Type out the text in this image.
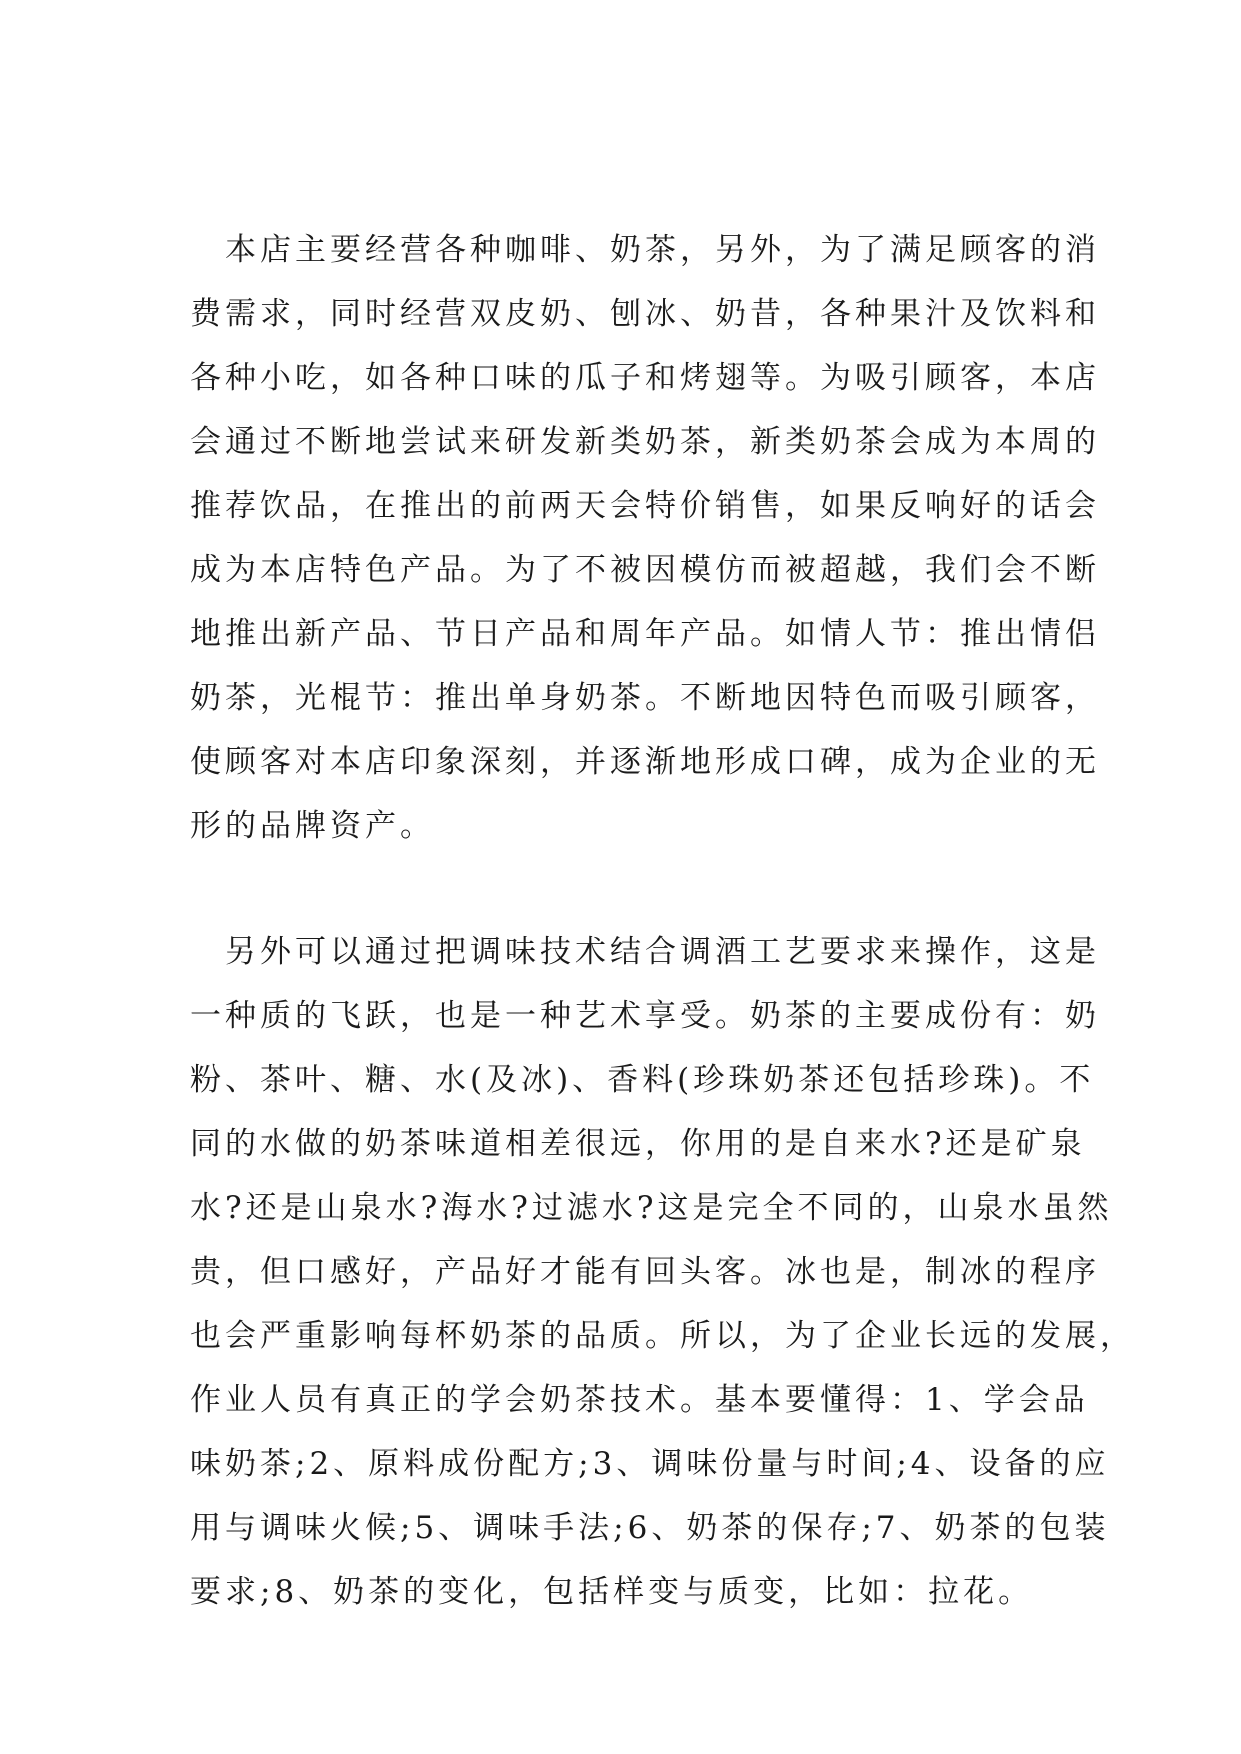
　本店主要经营各种咖啡、奶茶，另外，为了满足顾客的消
费需求，同时经营双皮奶、刨冰、奶昔，各种果汁及饮料和
各种小吃，如各种口味的瓜子和烤翅等。为吸引顾客，本店
会通过不断地尝试来研发新类奶茶，新类奶茶会成为本周的
推荐饮品，在推出的前两天会特价销售，如果反响好的话会
成为本店特色产品。为了不被因模仿而被超越，我们会不断
地推出新产品、节日产品和周年产品。如情人节：推出情侣
奶茶，光棍节：推出单身奶茶。不断地因特色而吸引顾客，
使顾客对本店印象深刻，并逐渐地形成口碑，成为企业的无
形的品牌资产。
　另外可以通过把调味技术结合调酒工艺要求来操作，这是
一种质的飞跃，也是一种艺术享受。奶茶的主要成份有：奶
粉、茶叶、糖、水(及冰)、香料(珍珠奶茶还包括珍珠)。不
同的水做的奶茶味道相差很远，你用的是自来水?还是矿泉
水?还是山泉水?海水?过滤水?这是完全不同的，山泉水虽然
贵，但口感好，产品好才能有回头客。冰也是，制冰的程序
也会严重影响每杯奶茶的品质。所以，为了企业长远的发展，
作业人员有真正的学会奶茶技术。基本要懂得：1、学会品
味奶茶;2、原料成份配方;3、调味份量与时间;4、设备的应
用与调味火候;5、调味手法;6、奶茶的保存;7、奶茶的包装
要求;8、奶茶的变化，包括样变与质变，比如：拉花。
